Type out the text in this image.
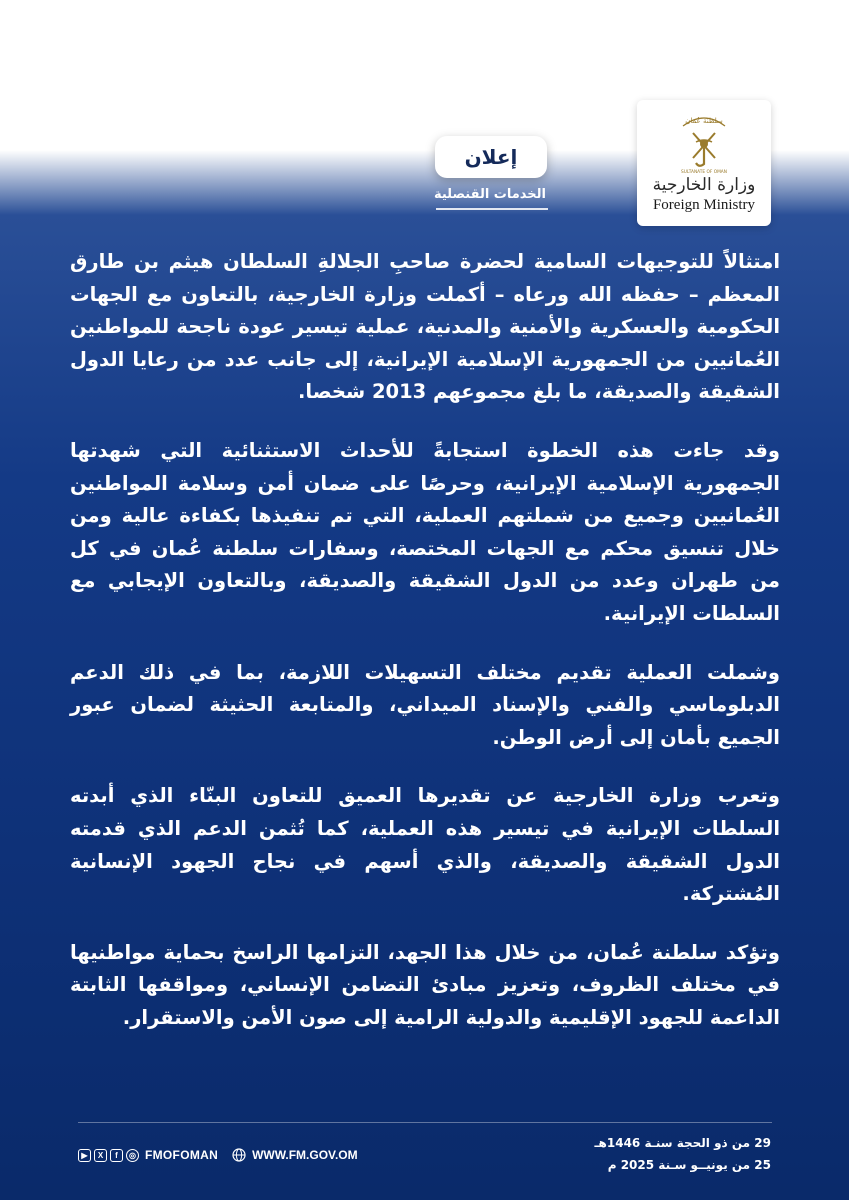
سلطنة عُمان
SULTANATE OF OMAN
وزارة الخارجية
Foreign Ministry
إعلان
الخدمات القنصلية

امتثالاً للتوجيهات السامية لحضرة صاحبِ الجلالةِ السلطان هيثم بن طارق المعظم – حفظه الله ورعاه – أكملت وزارة الخارجية، بالتعاون مع الجهات الحكومية والعسكرية والأمنية والمدنية، عملية تيسير عودة ناجحة للمواطنين العُمانيين من الجمهورية الإسلامية الإيرانية، إلى جانب عدد من رعايا الدول الشقيقة والصديقة، ما بلغ مجموعهم 2013 شخصا.

وقد جاءت هذه الخطوة استجابةً للأحداث الاستثنائية التي شهدتها الجمهورية الإسلامية الإيرانية، وحرصًا على ضمان أمن وسلامة المواطنين العُمانيين وجميع من شملتهم العملية، التي تم تنفيذها بكفاءة عالية ومن خلال تنسيق محكم مع الجهات المختصة، وسفارات سلطنة عُمان في كل من طهران وعدد من الدول الشقيقة والصديقة، وبالتعاون الإيجابي مع السلطات الإيرانية.

وشملت العملية تقديم مختلف التسهيلات اللازمة، بما في ذلك الدعم الدبلوماسي والفني والإسناد الميداني، والمتابعة الحثيثة لضمان عبور الجميع بأمان إلى أرض الوطن.

وتعرب وزارة الخارجية عن تقديرها العميق للتعاون البنّاء الذي أبدته السلطات الإيرانية في تيسير هذه العملية، كما تُثمن الدعم الذي قدمته الدول الشقيقة والصديقة، والذي أسهم في نجاح الجهود الإنسانية المُشتركة.

وتؤكد سلطنة عُمان، من خلال هذا الجهد، التزامها الراسخ بحماية مواطنيها في مختلف الظروف، وتعزيز مبادئ التضامن الإنساني، ومواقفها الثابتة الداعمة للجهود الإقليمية والدولية الرامية إلى صون الأمن والاستقرار.

29 من ذو الحجة سنـة 1446هـ
25 من يونيــو سـنة 2025 م
▶	X	f	◎ FMOFOMAN	WWW.FM.GOV.OM
